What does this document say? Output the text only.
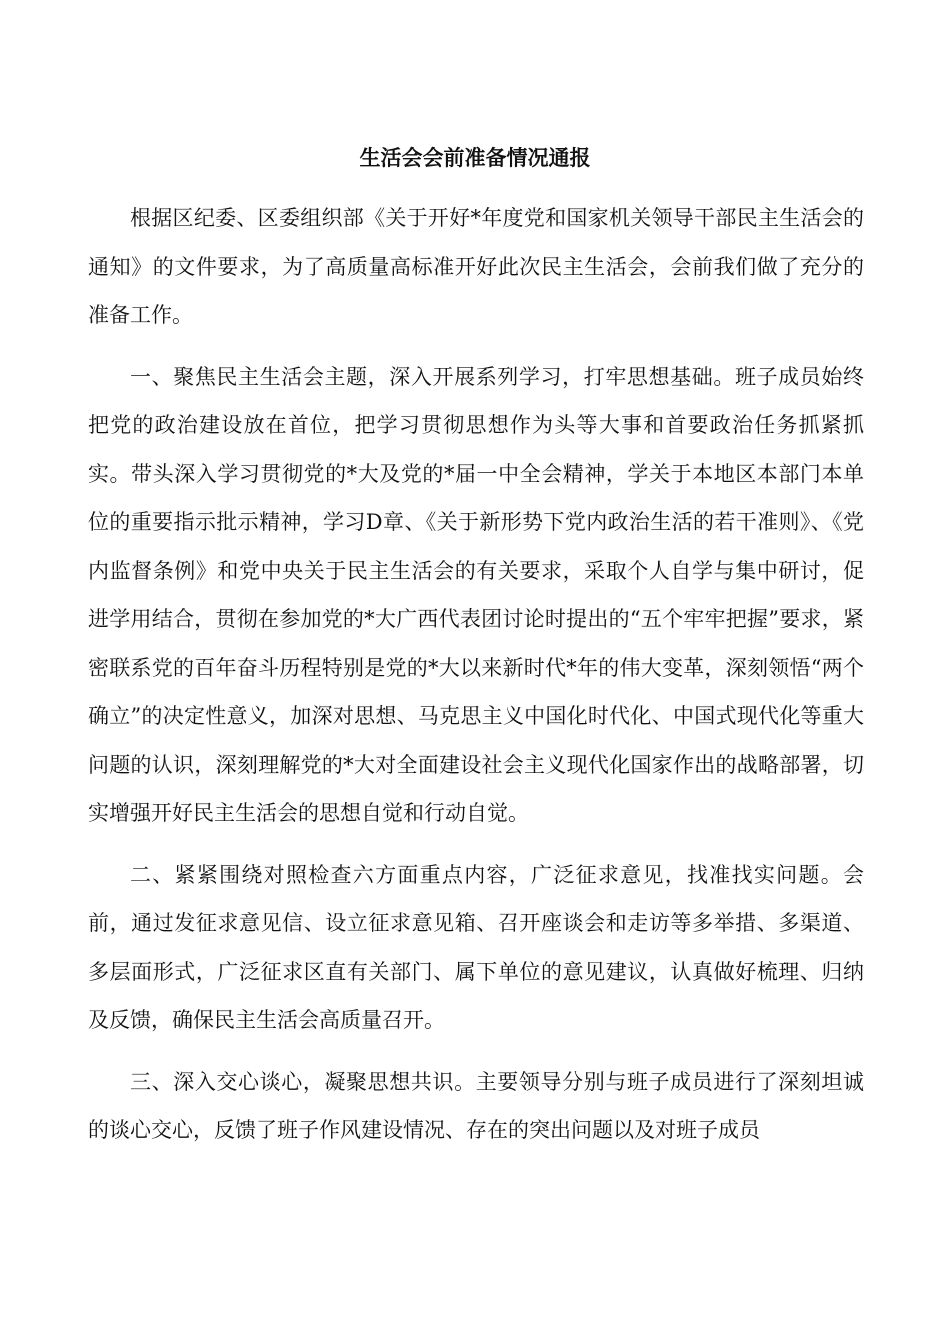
生活会会前准备情况通报

根据区纪委、区委组织部《关于开好*年度党和国家机关领导干部民主生活会的通知》的文件要求，为了高质量高标准开好此次民主生活会，会前我们做了充分的准备工作。

一、聚焦民主生活会主题，深入开展系列学习，打牢思想基础。班子成员始终把党的政治建设放在首位，把学习贯彻思想作为头等大事和首要政治任务抓紧抓实。带头深入学习贯彻党的*大及党的*届一中全会精神，学关于本地区本部门本单位的重要指示批示精神，学习D章、《关于新形势下党内政治生活的若干准则》、《党内监督条例》和党中央关于民主生活会的有关要求，采取个人自学与集中研讨，促进学用结合，贯彻在参加党的*大广西代表团讨论时提出的“五个牢牢把握”要求，紧密联系党的百年奋斗历程特别是党的*大以来新时代*年的伟大变革，深刻领悟“两个确立”的决定性意义，加深对思想、马克思主义中国化时代化、中国式现代化等重大问题的认识，深刻理解党的*大对全面建设社会主义现代化国家作出的战略部署，切实增强开好民主生活会的思想自觉和行动自觉。

二、紧紧围绕对照检查六方面重点内容，广泛征求意见，找准找实问题。会前，通过发征求意见信、设立征求意见箱、召开座谈会和走访等多举措、多渠道、多层面形式，广泛征求区直有关部门、属下单位的意见建议，认真做好梳理、归纳及反馈，确保民主生活会高质量召开。

三、深入交心谈心，凝聚思想共识。主要领导分别与班子成员进行了深刻坦诚的谈心交心，反馈了班子作风建设情况、存在的突出问题以及对班子成员
